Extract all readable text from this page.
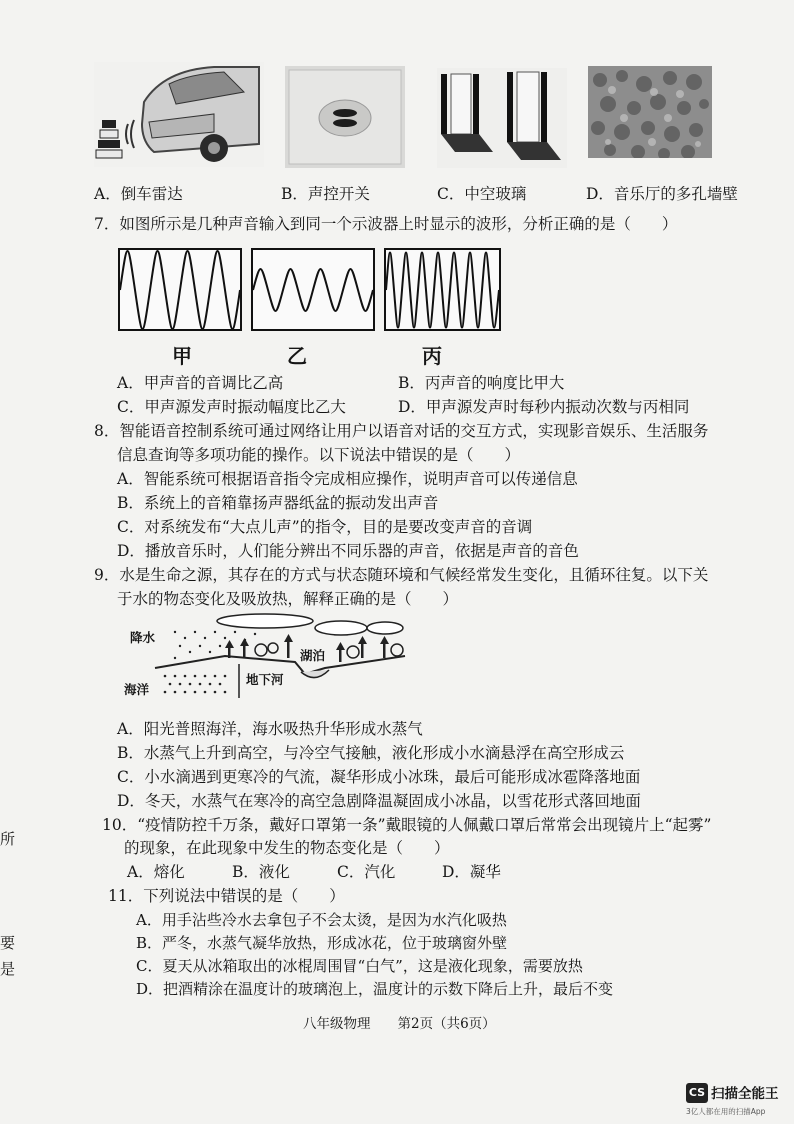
A．倒车雷达	B．声控开关	C．中空玻璃	D．音乐厅的多孔墙壁
7．如图所示是几种声音输入到同一个示波器上时显示的波形，分析正确的是（　　）
甲	乙	丙
A．甲声音的音调比乙高	B．丙声音的响度比甲大
C．甲声源发声时振动幅度比乙大	D．甲声源发声时每秒内振动次数与丙相同
8．智能语音控制系统可通过网络让用户以语音对话的交互方式，实现影音娱乐、生活服务
信息查询等多项功能的操作。以下说法中错误的是（　　）
A．智能系统可根据语音指令完成相应操作，说明声音可以传递信息
B．系统上的音箱靠扬声器纸盆的振动发出声音
C．对系统发布“大点儿声”的指令，目的是要改变声音的音调
D．播放音乐时，人们能分辨出不同乐器的声音，依据是声音的音色
9．水是生命之源，其存在的方式与状态随环境和气候经常发生变化，且循环往复。以下关
于水的物态变化及吸放热，解释正确的是（　　）
降水
湖泊
地下河
海洋
A．阳光普照海洋，海水吸热升华形成水蒸气
B．水蒸气上升到高空，与冷空气接触，液化形成小水滴悬浮在高空形成云
C．小水滴遇到更寒冷的气流，凝华形成小冰珠，最后可能形成冰雹降落地面
D．冬天，水蒸气在寒冷的高空急剧降温凝固成小冰晶，以雪花形式落回地面
10．“疫情防控千万条，戴好口罩第一条”戴眼镜的人佩戴口罩后常常会出现镜片上“起雾”
的现象，在此现象中发生的物态变化是（　　）
A．熔化	B．液化	C．汽化	D．凝华
11．下列说法中错误的是（　　）
A．用手沾些冷水去拿包子不会太烫，是因为水汽化吸热
B．严冬，水蒸气凝华放热，形成冰花，位于玻璃窗外壁
C．夏天从冰箱取出的冰棍周围冒“白气”，这是液化现象，需要放热
D．把酒精涂在温度计的玻璃泡上，温度计的示数下降后上升，最后不变
八年级物理　　第2页（共6页）
所
要
是
CS 扫描全能王
3亿人都在用的扫描App
